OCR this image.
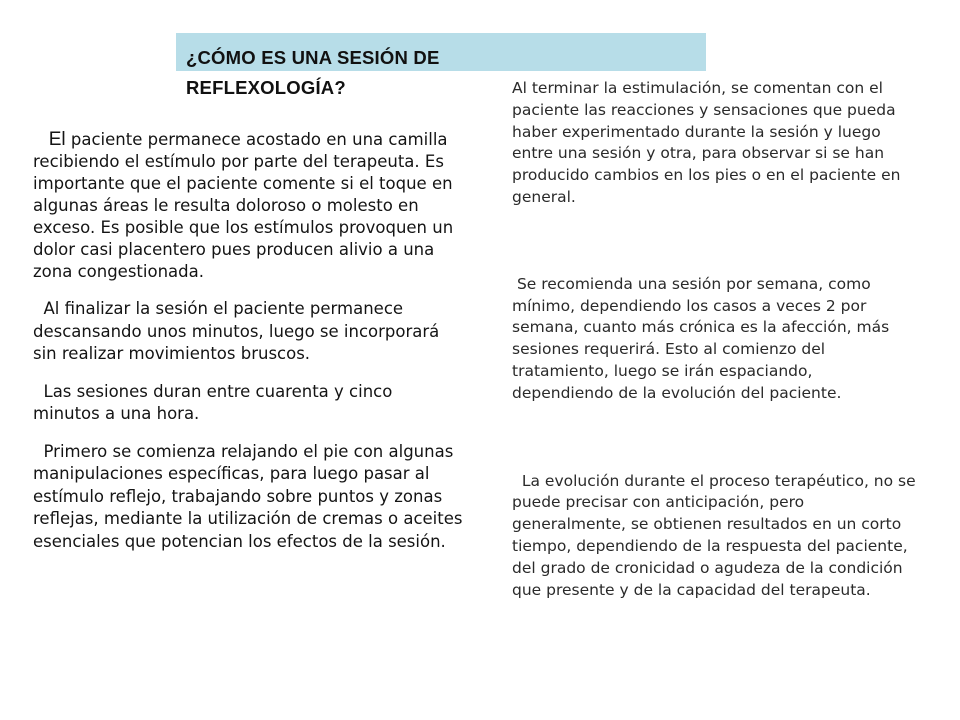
¿CÓMO ES UNA SESIÓN DE
REFLEXOLOGÍA?

El paciente permanece acostado en una camilla recibiendo el estímulo por parte del terapeuta. Es importante que el paciente comente si el toque en algunas áreas le resulta doloroso o molesto en exceso. Es posible que los estímulos provoquen un dolor casi placentero pues producen alivio a una zona congestionada.

Al finalizar la sesión el paciente permanece descansando unos minutos, luego se incorporará sin realizar movimientos bruscos.

Las sesiones duran entre cuarenta y cinco minutos a una hora.

Primero se comienza relajando el pie con algunas manipulaciones específicas, para luego pasar al estímulo reflejo, trabajando sobre puntos y zonas reflejas, mediante la utilización de cremas o aceites esenciales que potencian los efectos de la sesión.

Al terminar la estimulación, se comentan con el paciente las reacciones y sensaciones que pueda haber experimentado durante la sesión y luego entre una sesión y otra, para observar si se han producido cambios en los pies o en el paciente en general.

Se recomienda una sesión por semana, como mínimo, dependiendo los casos a veces 2 por semana, cuanto más crónica es la afección, más sesiones requerirá. Esto al comienzo del tratamiento, luego se irán espaciando, dependiendo de la evolución del paciente.

La evolución durante el proceso terapéutico, no se puede precisar con anticipación, pero generalmente, se obtienen resultados en un corto tiempo, dependiendo de la respuesta del paciente, del grado de cronicidad o agudeza de la condición que presente y de la capacidad del terapeuta.
